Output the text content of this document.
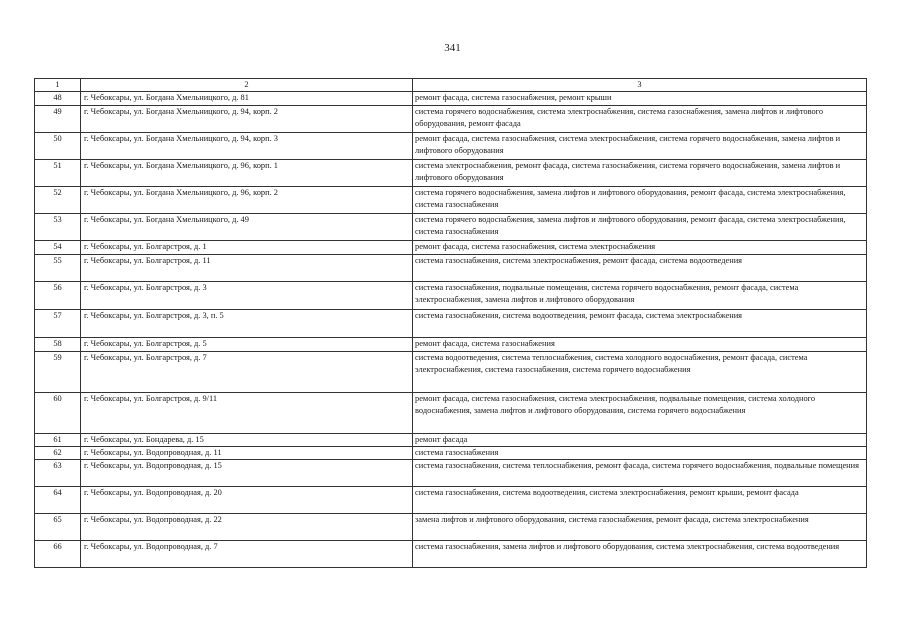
341
1	2	3
48	г. Чебоксары, ул. Богдана Хмельницкого, д. 81	ремонт фасада, система газоснабжения, ремонт крыши
49	г. Чебоксары, ул. Богдана Хмельницкого, д. 94, корп. 2	система горячего водоснабжения, система электроснабжения, система газоснабжения, замена лифтов и лифтового оборудования, ремонт фасада
50	г. Чебоксары, ул. Богдана Хмельницкого, д. 94, корп. 3	ремонт фасада, система газоснабжения, система электроснабжения, система горячего водоснабжения, замена лифтов и лифтового оборудования
51	г. Чебоксары, ул. Богдана Хмельницкого, д. 96, корп. 1	система электроснабжения, ремонт фасада, система газоснабжения, система горячего водоснабжения, замена лифтов и лифтового оборудования
52	г. Чебоксары, ул. Богдана Хмельницкого, д. 96, корп. 2	система горячего водоснабжения, замена лифтов и лифтового оборудования, ремонт фасада, система электроснабжения, система газоснабжения
53	г. Чебоксары, ул. Богдана Хмельницкого, д. 49	система горячего водоснабжения, замена лифтов и лифтового оборудования, ремонт фасада, система электроснабжения, система газоснабжения
54	г. Чебоксары, ул. Болгарстроя, д. 1	ремонт фасада, система газоснабжения, система электроснабжения
55	г. Чебоксары, ул. Болгарстроя, д. 11	система газоснабжения, система электроснабжения, ремонт фасада, система водоотведения
56	г. Чебоксары, ул. Болгарстроя, д. 3	система газоснабжения, подвальные помещения, система горячего водоснабжения, ремонт фасада, система электроснабжения, замена лифтов и лифтового оборудования
57	г. Чебоксары, ул. Болгарстроя, д. 3, п. 5	система газоснабжения, система водоотведения, ремонт фасада, система электроснабжения
58	г. Чебоксары, ул. Болгарстроя, д. 5	ремонт фасада, система газоснабжения
59	г. Чебоксары, ул. Болгарстроя, д. 7	система водоотведения, система теплоснабжения, система холодного водоснабжения, ремонт фасада, система электроснабжения, система газоснабжения, система горячего водоснабжения
60	г. Чебоксары, ул. Болгарстроя, д. 9/11	ремонт фасада, система газоснабжения, система электроснабжения, подвальные помещения, система холодного водоснабжения, замена лифтов и лифтового оборудования, система горячего водоснабжения
61	г. Чебоксары, ул. Бондарева, д. 15	ремонт фасада
62	г. Чебоксары, ул. Водопроводная, д. 11	система газоснабжения
63	г. Чебоксары, ул. Водопроводная, д. 15	система газоснабжения, система теплоснабжения, ремонт фасада, система горячего водоснабжения, подвальные помещения
64	г. Чебоксары, ул. Водопроводная, д. 20	система газоснабжения, система водоотведения, система электроснабжения, ремонт крыши, ремонт фасада
65	г. Чебоксары, ул. Водопроводная, д. 22	замена лифтов и лифтового оборудования, система газоснабжения, ремонт фасада, система электроснабжения
66	г. Чебоксары, ул. Водопроводная, д. 7	система газоснабжения, замена лифтов и лифтового оборудования, система электроснабжения, система водоотведения
